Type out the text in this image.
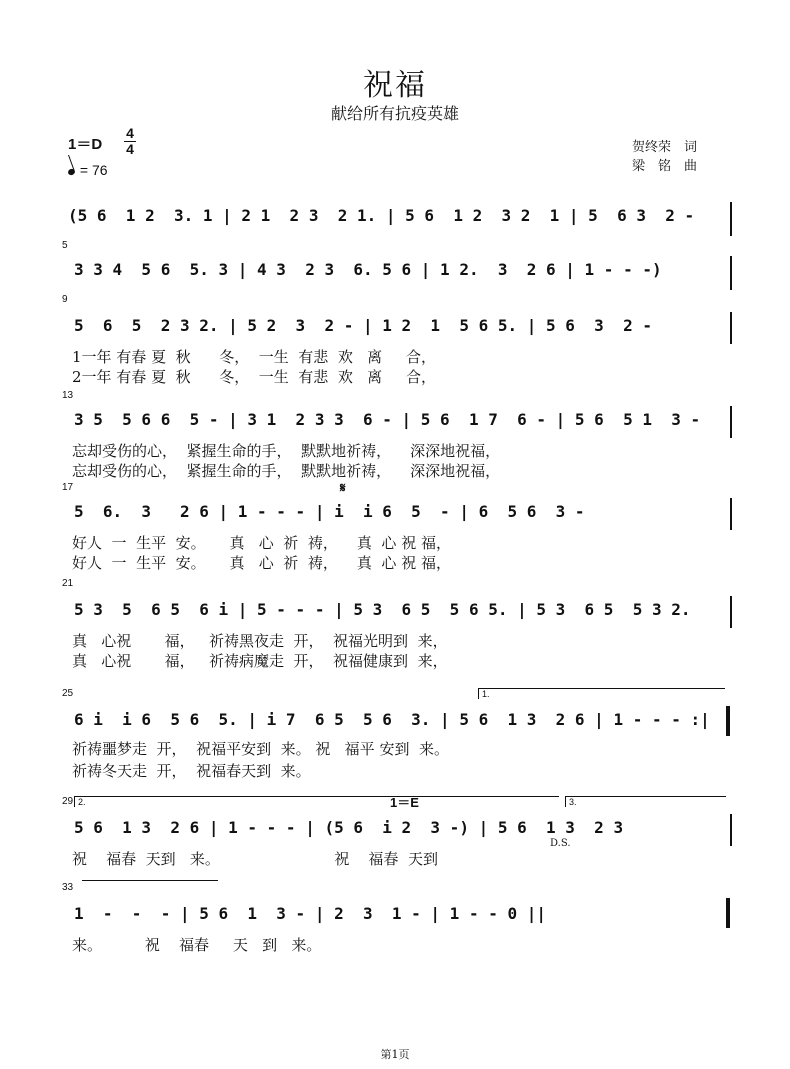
祝福
献给所有抗疫英雄
1＝D
4
4
= 76
贺终荣　词
梁　铭　曲
(5 6  1 2  3. 1 | 2 1  2 3  2 1. | 5 6  1 2  3 2  1 | 5  6 3  2 -
5
3 3 4  5 6  5. 3 | 4 3  2 3  6. 5 6 | 1 2.  3  2 6 | 1 - - -)
9
5  6  5  2 3 2. | 5 2  3  2 - | 1 2  1  5 6 5. | 5 6  3  2 -
1一年 有春 夏  秋      冬，  一生  有悲  欢   离     合，
2一年 有春 夏  秋      冬，  一生  有悲  欢   离     合，
13
3 5  5 6 6  5 - | 3 1  2 3 3  6 - | 5 6  1 7  6 - | 5 6  5 1  3 -
忘却受伤的心，  紧握生命的手，  默默地祈祷，    深深地祝福，
忘却受伤的心，  紧握生命的手，  默默地祈祷，    深深地祝福，
17	𝄋
5  6.  3   2 6 | 1 - - - | i  i 6  5  - | 6  5 6  3 -
好人  一  生平  安。     真   心  祈  祷，    真  心 祝 福，
好人  一  生平  安。     真   心  祈  祷，    真  心 祝 福，
21
5 3  5  6 5  6 i | 5 - - - | 5 3  6 5  5 6 5. | 5 3  6 5  5 3 2.
真   心祝       福，   祈祷黑夜走  开，  祝福光明到  来，
真   心祝       福，   祈祷病魔走  开，  祝福健康到  来，
25	1.
6 i  i 6  5 6  5. | i 7  6 5  5 6  3. | 5 6  1 3  2 6 | 1 - - - :|
祈祷噩梦走  开，  祝福平安到  来。 祝   福平 安到  来。
祈祷冬天走  开，  祝福春天到  来。
29 2.	3.
1＝E
5 6  1 3  2 6 | 1 - - - | (5 6  i 2  3 -) | 5 6  1 3  2 3
D.S.
祝    福春  天到   来。                        祝    福春  天到
33
1  -  -  - | 5 6  1  3 - | 2  3  1 - | 1 - - 0 ||
来。         祝    福春     天   到   来。
第1页
